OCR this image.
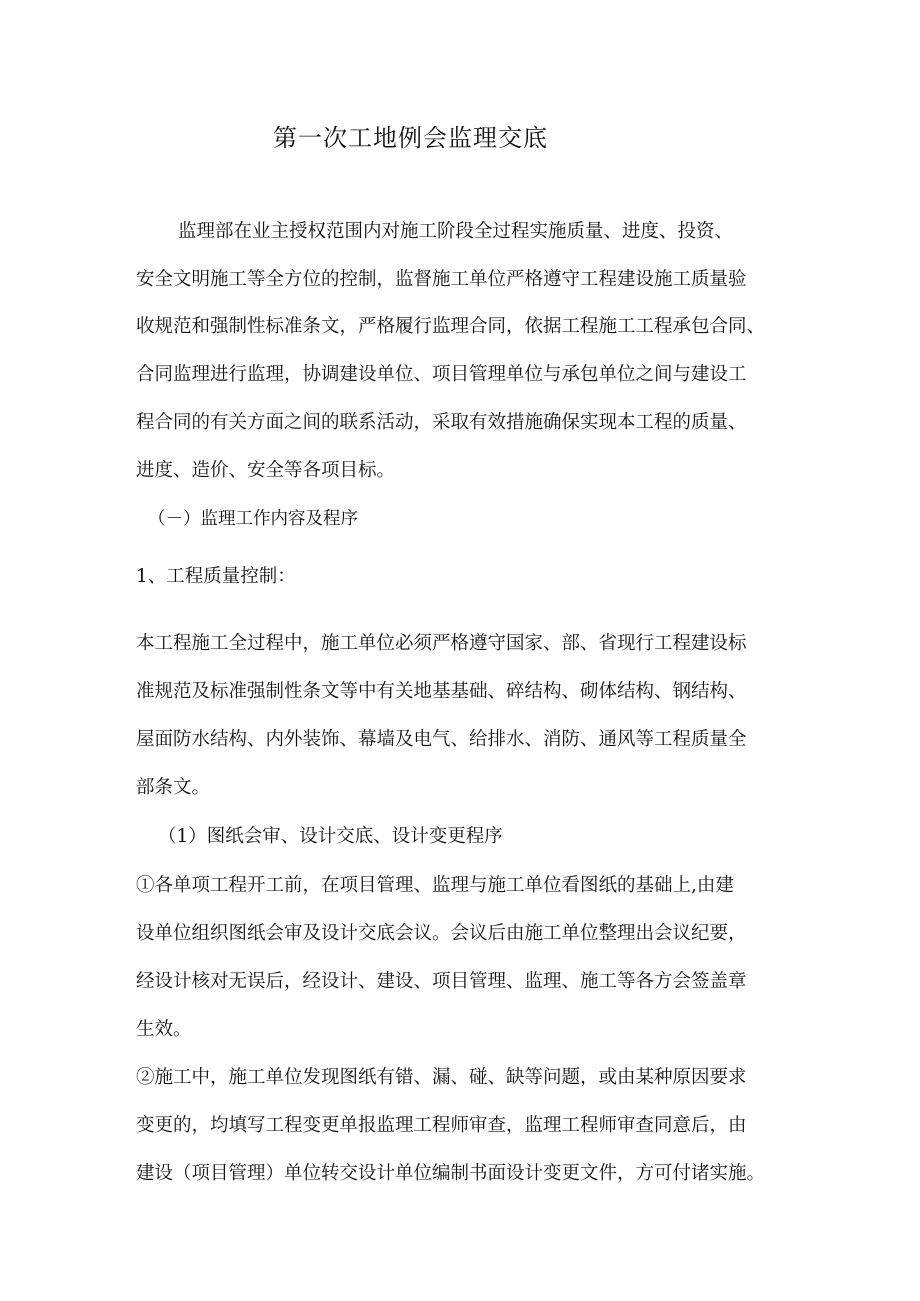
第一次工地例会监理交底
监理部在业主授权范围内对施工阶段全过程实施质量、进度、投资、
安全文明施工等全方位的控制，监督施工单位严格遵守工程建设施工质量验
收规范和强制性标准条文，严格履行监理合同，依据工程施工工程承包合同、
合同监理进行监理，协调建设单位、项目管理单位与承包单位之间与建设工
程合同的有关方面之间的联系活动，采取有效措施确保实现本工程的质量、
进度、造价、安全等各项目标。
（－）监理工作内容及程序
1、工程质量控制：
本工程施工全过程中，施工单位必须严格遵守国家、部、省现行工程建设标
准规范及标准强制性条文等中有关地基基础、碎结构、砌体结构、钢结构、
屋面防水结构、内外装饰、幕墙及电气、给排水、消防、通风等工程质量全
部条文。
（1）图纸会审、设计交底、设计变更程序
①各单项工程开工前，在项目管理、监理与施工单位看图纸的基础上,由建
设单位组织图纸会审及设计交底会议。会议后由施工单位整理出会议纪要，
经设计核对无误后，经设计、建设、项目管理、监理、施工等各方会签盖章
生效。
②施工中，施工单位发现图纸有错、漏、碰、缺等问题，或由某种原因要求
变更的，均填写工程变更单报监理工程师审查，监理工程师审查同意后，由
建设（项目管理）单位转交设计单位编制书面设计变更文件，方可付诸实施。
